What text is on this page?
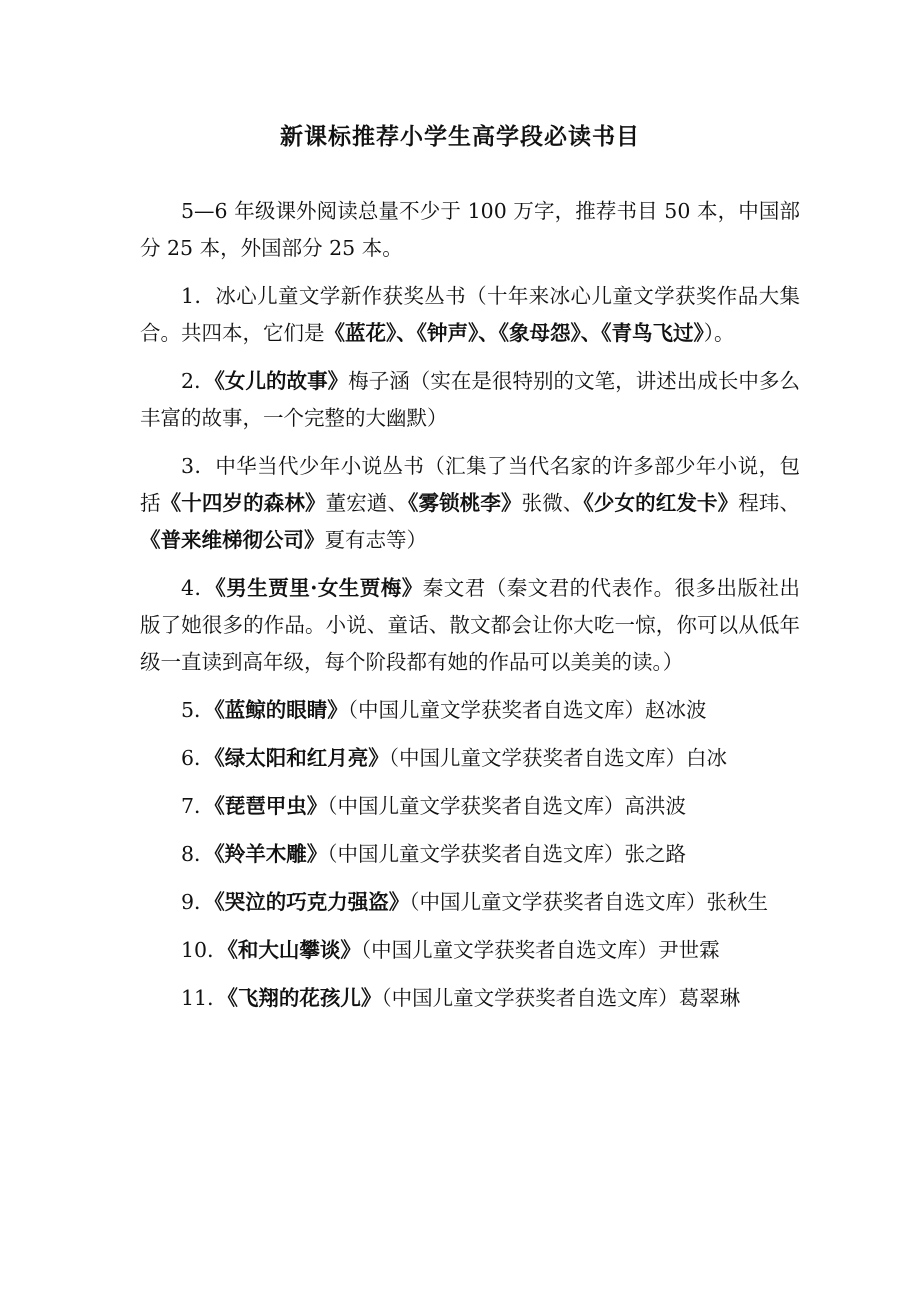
新课标推荐小学生高学段必读书目

5—6 年级课外阅读总量不少于 100 万字，推荐书目 50 本，中国部分 25 本，外国部分 25 本。

1．冰心儿童文学新作获奖丛书（十年来冰心儿童文学获奖作品大集合。共四本，它们是《蓝花》、《钟声》、《象母怨》、《青鸟飞过》）。

2．《女儿的故事》梅子涵（实在是很特别的文笔，讲述出成长中多么丰富的故事，一个完整的大幽默）

3．中华当代少年小说丛书（汇集了当代名家的许多部少年小说，包括《十四岁的森林》董宏遒、《雾锁桃李》张微、《少女的红发卡》程玮、《普来维梯彻公司》夏有志等）

4．《男生贾里·女生贾梅》秦文君（秦文君的代表作。很多出版社出版了她很多的作品。小说、童话、散文都会让你大吃一惊，你可以从低年级一直读到高年级，每个阶段都有她的作品可以美美的读。）

5．《蓝鲸的眼睛》（中国儿童文学获奖者自选文库）赵冰波

6．《绿太阳和红月亮》（中国儿童文学获奖者自选文库）白冰

7．《琵琶甲虫》（中国儿童文学获奖者自选文库）高洪波

8．《羚羊木雕》（中国儿童文学获奖者自选文库）张之路

9．《哭泣的巧克力强盗》（中国儿童文学获奖者自选文库）张秋生

10．《和大山攀谈》（中国儿童文学获奖者自选文库）尹世霖

11．《飞翔的花孩儿》（中国儿童文学获奖者自选文库）葛翠琳
